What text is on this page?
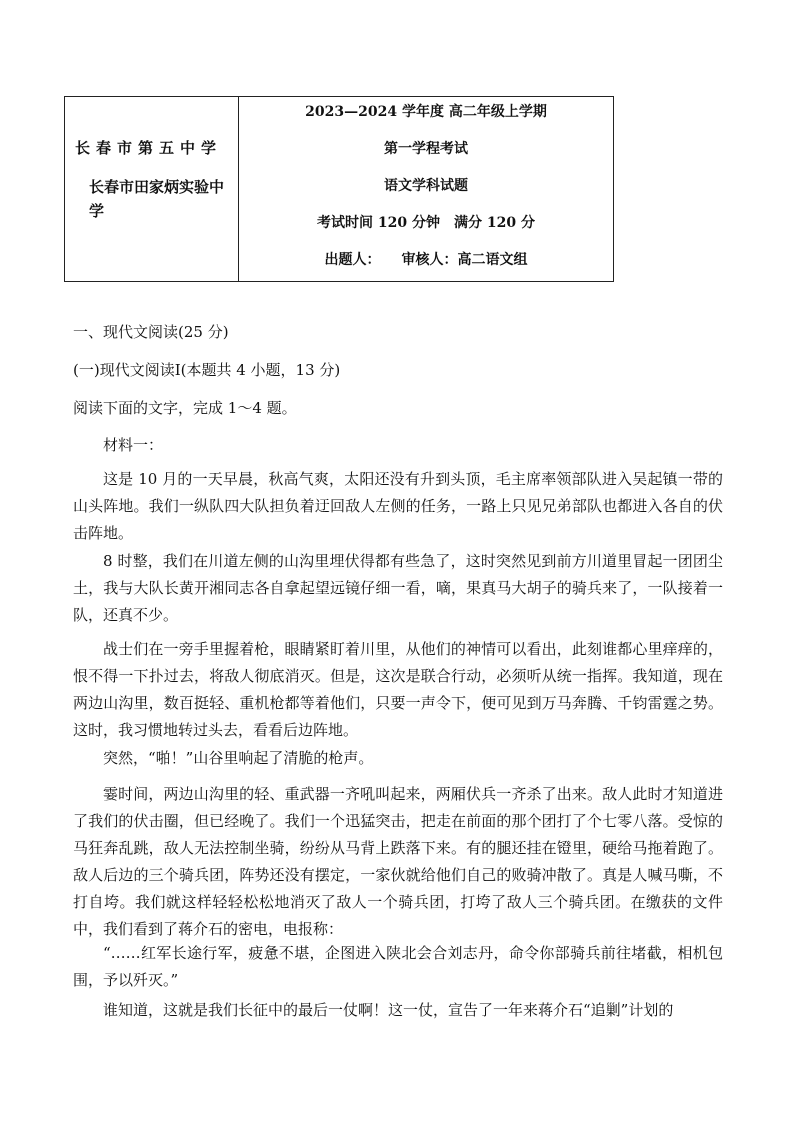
长春市第五中学
长春市田家炳实验中学
2023—2024 学年度 高二年级上学期
第一学程考试
语文学科试题
考试时间 120 分钟　满分 120 分
出题人：　　审核人：高二语文组
一、现代文阅读(25 分)
(一)现代文阅读Ⅰ(本题共 4 小题，13 分)
阅读下面的文字，完成 1～4 题。
材料一：
这是 10 月的一天早晨，秋高气爽，太阳还没有升到头顶，毛主席率领部队进入吴起镇一带的山头阵地。我们一纵队四大队担负着迂回敌人左侧的任务，一路上只见兄弟部队也都进入各自的伏击阵地。
8 时整，我们在川道左侧的山沟里埋伏得都有些急了，这时突然见到前方川道里冒起一团团尘土，我与大队长黄开湘同志各自拿起望远镜仔细一看，嘀，果真马大胡子的骑兵来了，一队接着一队，还真不少。
战士们在一旁手里握着枪，眼睛紧盯着川里，从他们的神情可以看出，此刻谁都心里痒痒的，恨不得一下扑过去，将敌人彻底消灭。但是，这次是联合行动，必须听从统一指挥。我知道，现在两边山沟里，数百挺轻、重机枪都等着他们，只要一声令下，便可见到万马奔腾、千钧雷霆之势。这时，我习惯地转过头去，看看后边阵地。
突然，“啪！”山谷里响起了清脆的枪声。
霎时间，两边山沟里的轻、重武器一齐吼叫起来，两厢伏兵一齐杀了出来。敌人此时才知道进了我们的伏击圈，但已经晚了。我们一个迅猛突击，把走在前面的那个团打了个七零八落。受惊的马狂奔乱跳，敌人无法控制坐骑，纷纷从马背上跌落下来。有的腿还挂在镫里，硬给马拖着跑了。敌人后边的三个骑兵团，阵势还没有摆定，一家伙就给他们自己的败骑冲散了。真是人喊马嘶，不打自垮。我们就这样轻轻松松地消灭了敌人一个骑兵团，打垮了敌人三个骑兵团。在缴获的文件中，我们看到了蒋介石的密电，电报称：
“……红军长途行军，疲惫不堪，企图进入陕北会合刘志丹，命令你部骑兵前往堵截，相机包围，予以歼灭。”
谁知道，这就是我们长征中的最后一仗啊！这一仗，宣告了一年来蒋介石“追剿”计划的
